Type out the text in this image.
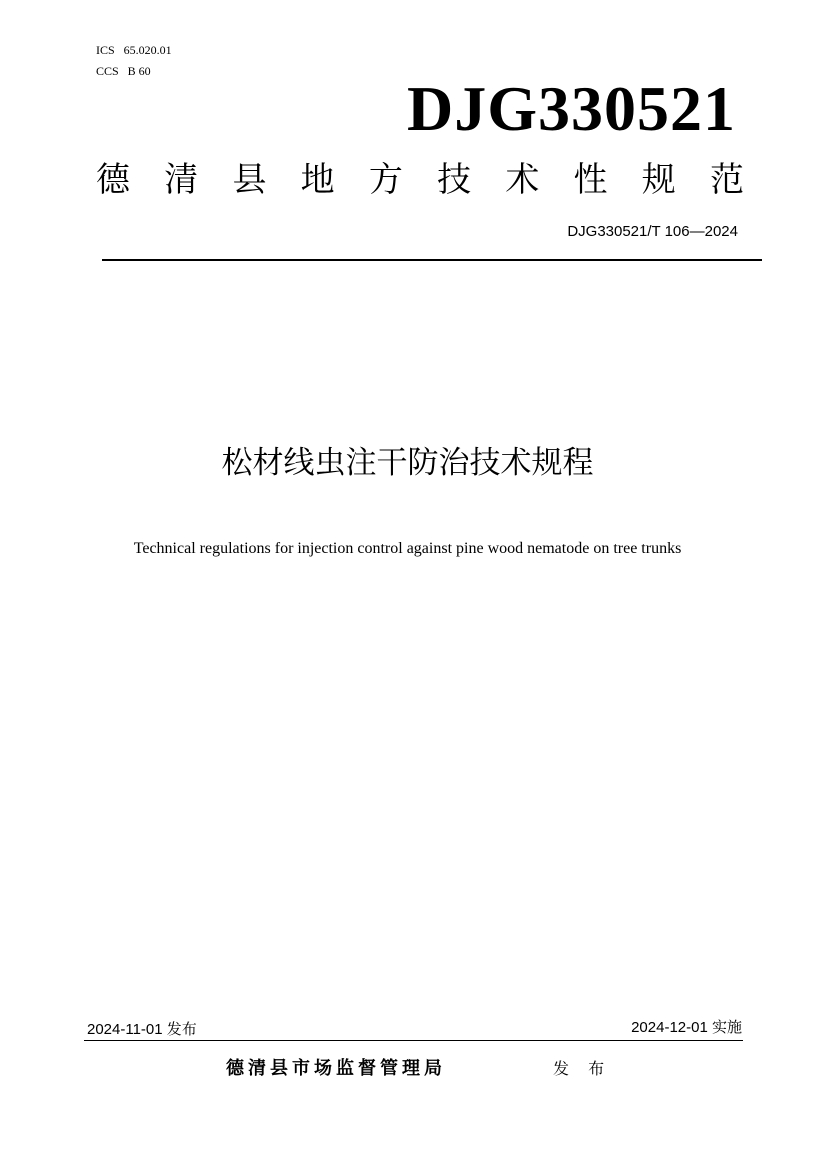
ICS   65.020.01
CCS   B 60
DJG330521
德 清 县 地 方 技 术 性 规 范
DJG330521/T 106—2024
松材线虫注干防治技术规程
Technical regulations for injection control against pine wood nematode on tree trunks
2024-11-01 发布	2024-12-01 实施
德清县市场监督管理局	发 布
